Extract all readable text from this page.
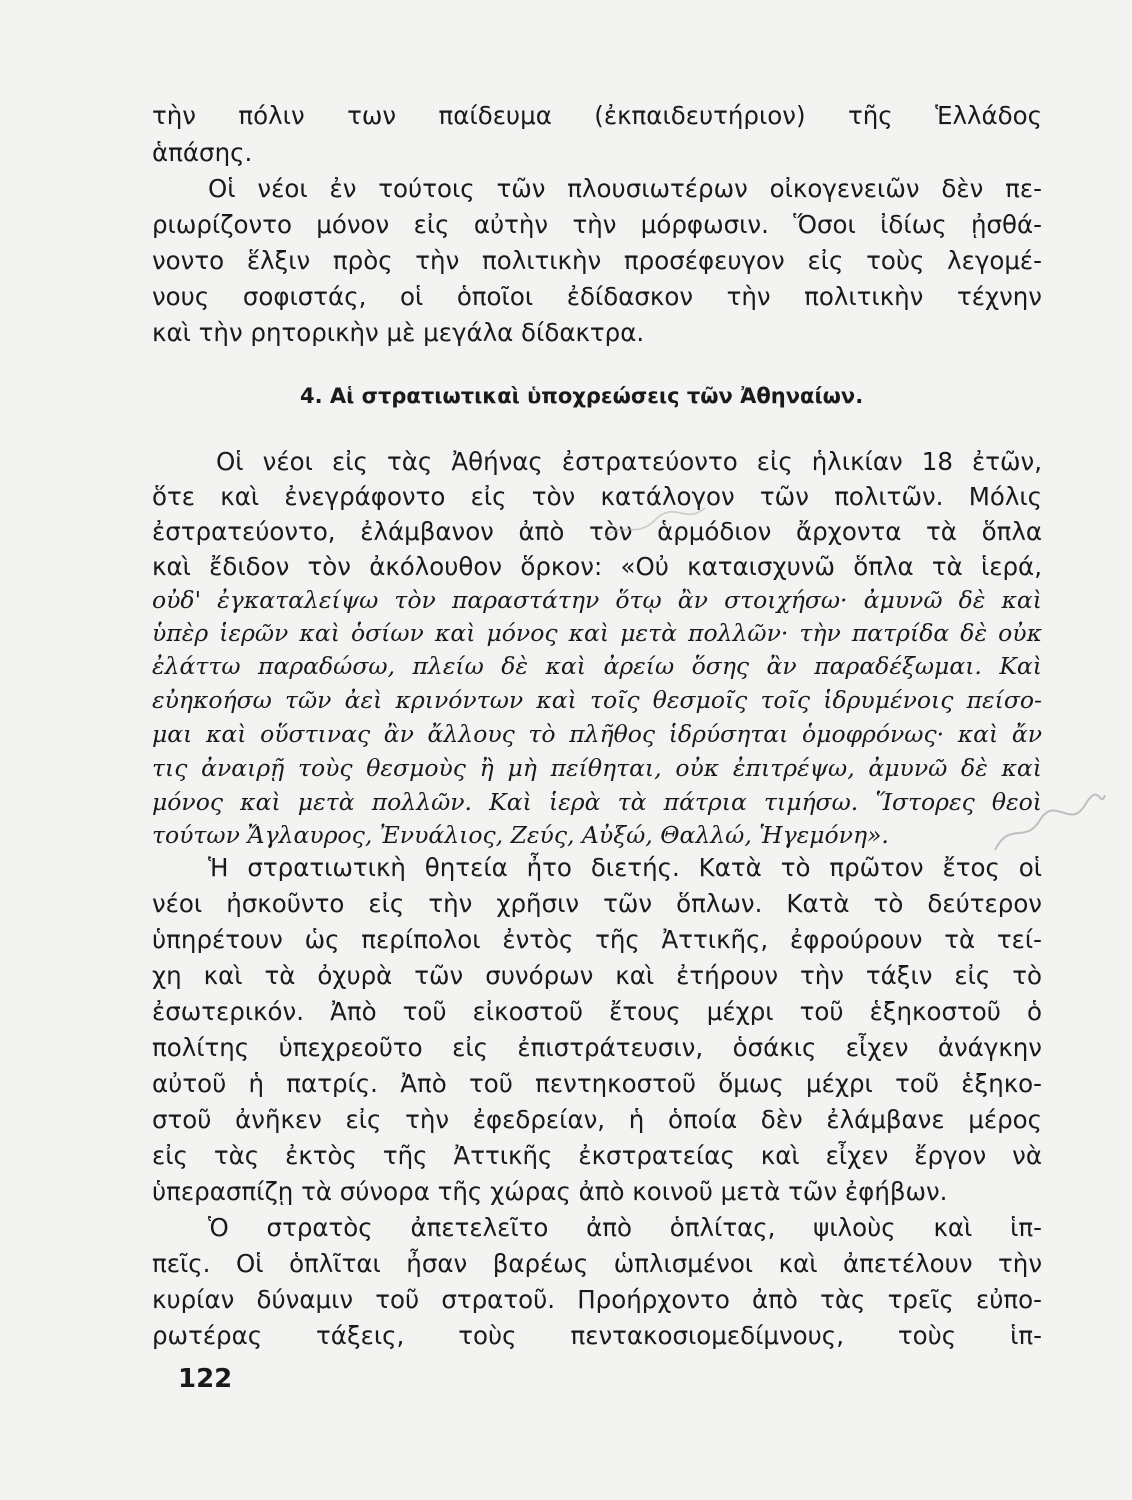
τὴν πόλιν των παίδευμα (ἐκπαιδευτήριον) τῆς Ἑλλάδος
ἁπάσης.
Οἱ νέοι ἐν τούτοις τῶν πλουσιωτέρων οἰκογενειῶν δὲν πε-
ριωρίζοντο μόνον εἰς αὐτὴν τὴν μόρφωσιν. Ὅσοι ἰδίως ᾐσθά-
νοντο ἕλξιν πρὸς τὴν πολιτικὴν προσέφευγον εἰς τοὺς λεγομέ-
νους σοφιστάς, οἱ ὁποῖοι ἐδίδασκον τὴν πολιτικὴν τέχνην
καὶ τὴν ρητορικὴν μὲ μεγάλα δίδακτρα.
4. Αἱ στρατιωτικαὶ ὑποχρεώσεις τῶν Ἀθηναίων.
Οἱ νέοι εἰς τὰς Ἀθήνας ἐστρατεύοντο εἰς ἡλικίαν 18 ἐτῶν,
ὅτε καὶ ἐνεγράφοντο εἰς τὸν κατάλογον τῶν πολιτῶν. Μόλις
ἐστρατεύοντο, ἐλάμβανον ἀπὸ τὸν ἁρμόδιον ἄρχοντα τὰ ὅπλα
καὶ ἔδιδον τὸν ἀκόλουθον ὅρκον: «Οὐ καταισχυνῶ ὅπλα τὰ ἱερά,
οὐδ' ἐγκαταλείψω τὸν παραστάτην ὅτῳ ἂν στοιχήσω· ἀμυνῶ δὲ καὶ
ὑπὲρ ἱερῶν καὶ ὁσίων καὶ μόνος καὶ μετὰ πολλῶν· τὴν πατρίδα δὲ οὐκ
ἐλάττω παραδώσω, πλείω δὲ καὶ ἀρείω ὅσης ἂν παραδέξωμαι. Καὶ
εὐηκοήσω τῶν ἀεὶ κρινόντων καὶ τοῖς θεσμοῖς τοῖς ἱδρυμένοις πείσο-
μαι καὶ οὕστινας ἂν ἄλλους τὸ πλῆθος ἱδρύσηται ὁμοφρόνως· καὶ ἄν
τις ἀναιρῇ τοὺς θεσμοὺς ἢ μὴ πείθηται, οὐκ ἐπιτρέψω, ἀμυνῶ δὲ καὶ
μόνος καὶ μετὰ πολλῶν. Καὶ ἱερὰ τὰ πάτρια τιμήσω. Ἵστορες θεοὶ
τούτων Ἄγλαυρος, Ἐνυάλιος, Ζεύς, Αὐξώ, Θαλλώ, Ἡγεμόνη».
Ἡ στρατιωτικὴ θητεία ἦτο διετής. Κατὰ τὸ πρῶτον ἔτος οἱ
νέοι ἠσκοῦντο εἰς τὴν χρῆσιν τῶν ὅπλων. Κατὰ τὸ δεύτερον
ὑπηρέτουν ὡς περίπολοι ἐντὸς τῆς Ἀττικῆς, ἐφρούρουν τὰ τεί-
χη καὶ τὰ ὀχυρὰ τῶν συνόρων καὶ ἐτήρουν τὴν τάξιν εἰς τὸ
ἐσωτερικόν. Ἀπὸ τοῦ εἰκοστοῦ ἔτους μέχρι τοῦ ἑξηκοστοῦ ὁ
πολίτης ὑπεχρεοῦτο εἰς ἐπιστράτευσιν, ὁσάκις εἶχεν ἀνάγκην
αὐτοῦ ἡ πατρίς. Ἀπὸ τοῦ πεντηκοστοῦ ὅμως μέχρι τοῦ ἑξηκο-
στοῦ ἀνῆκεν εἰς τὴν ἐφεδρείαν, ἡ ὁποία δὲν ἐλάμβανε μέρος
εἰς τὰς ἐκτὸς τῆς Ἀττικῆς ἐκστρατείας καὶ εἶχεν ἔργον νὰ
ὑπερασπίζῃ τὰ σύνορα τῆς χώρας ἀπὸ κοινοῦ μετὰ τῶν ἐφήβων.
Ὁ στρατὸς ἀπετελεῖτο ἀπὸ ὁπλίτας, ψιλοὺς καὶ ἱπ-
πεῖς. Οἱ ὁπλῖται ἦσαν βαρέως ὡπλισμένοι καὶ ἀπετέλουν τὴν
κυρίαν δύναμιν τοῦ στρατοῦ. Προήρχοντο ἀπὸ τὰς τρεῖς εὐπο-
ρωτέρας τάξεις, τοὺς πεντακοσιομεδίμνους, τοὺς ἱπ-
122
